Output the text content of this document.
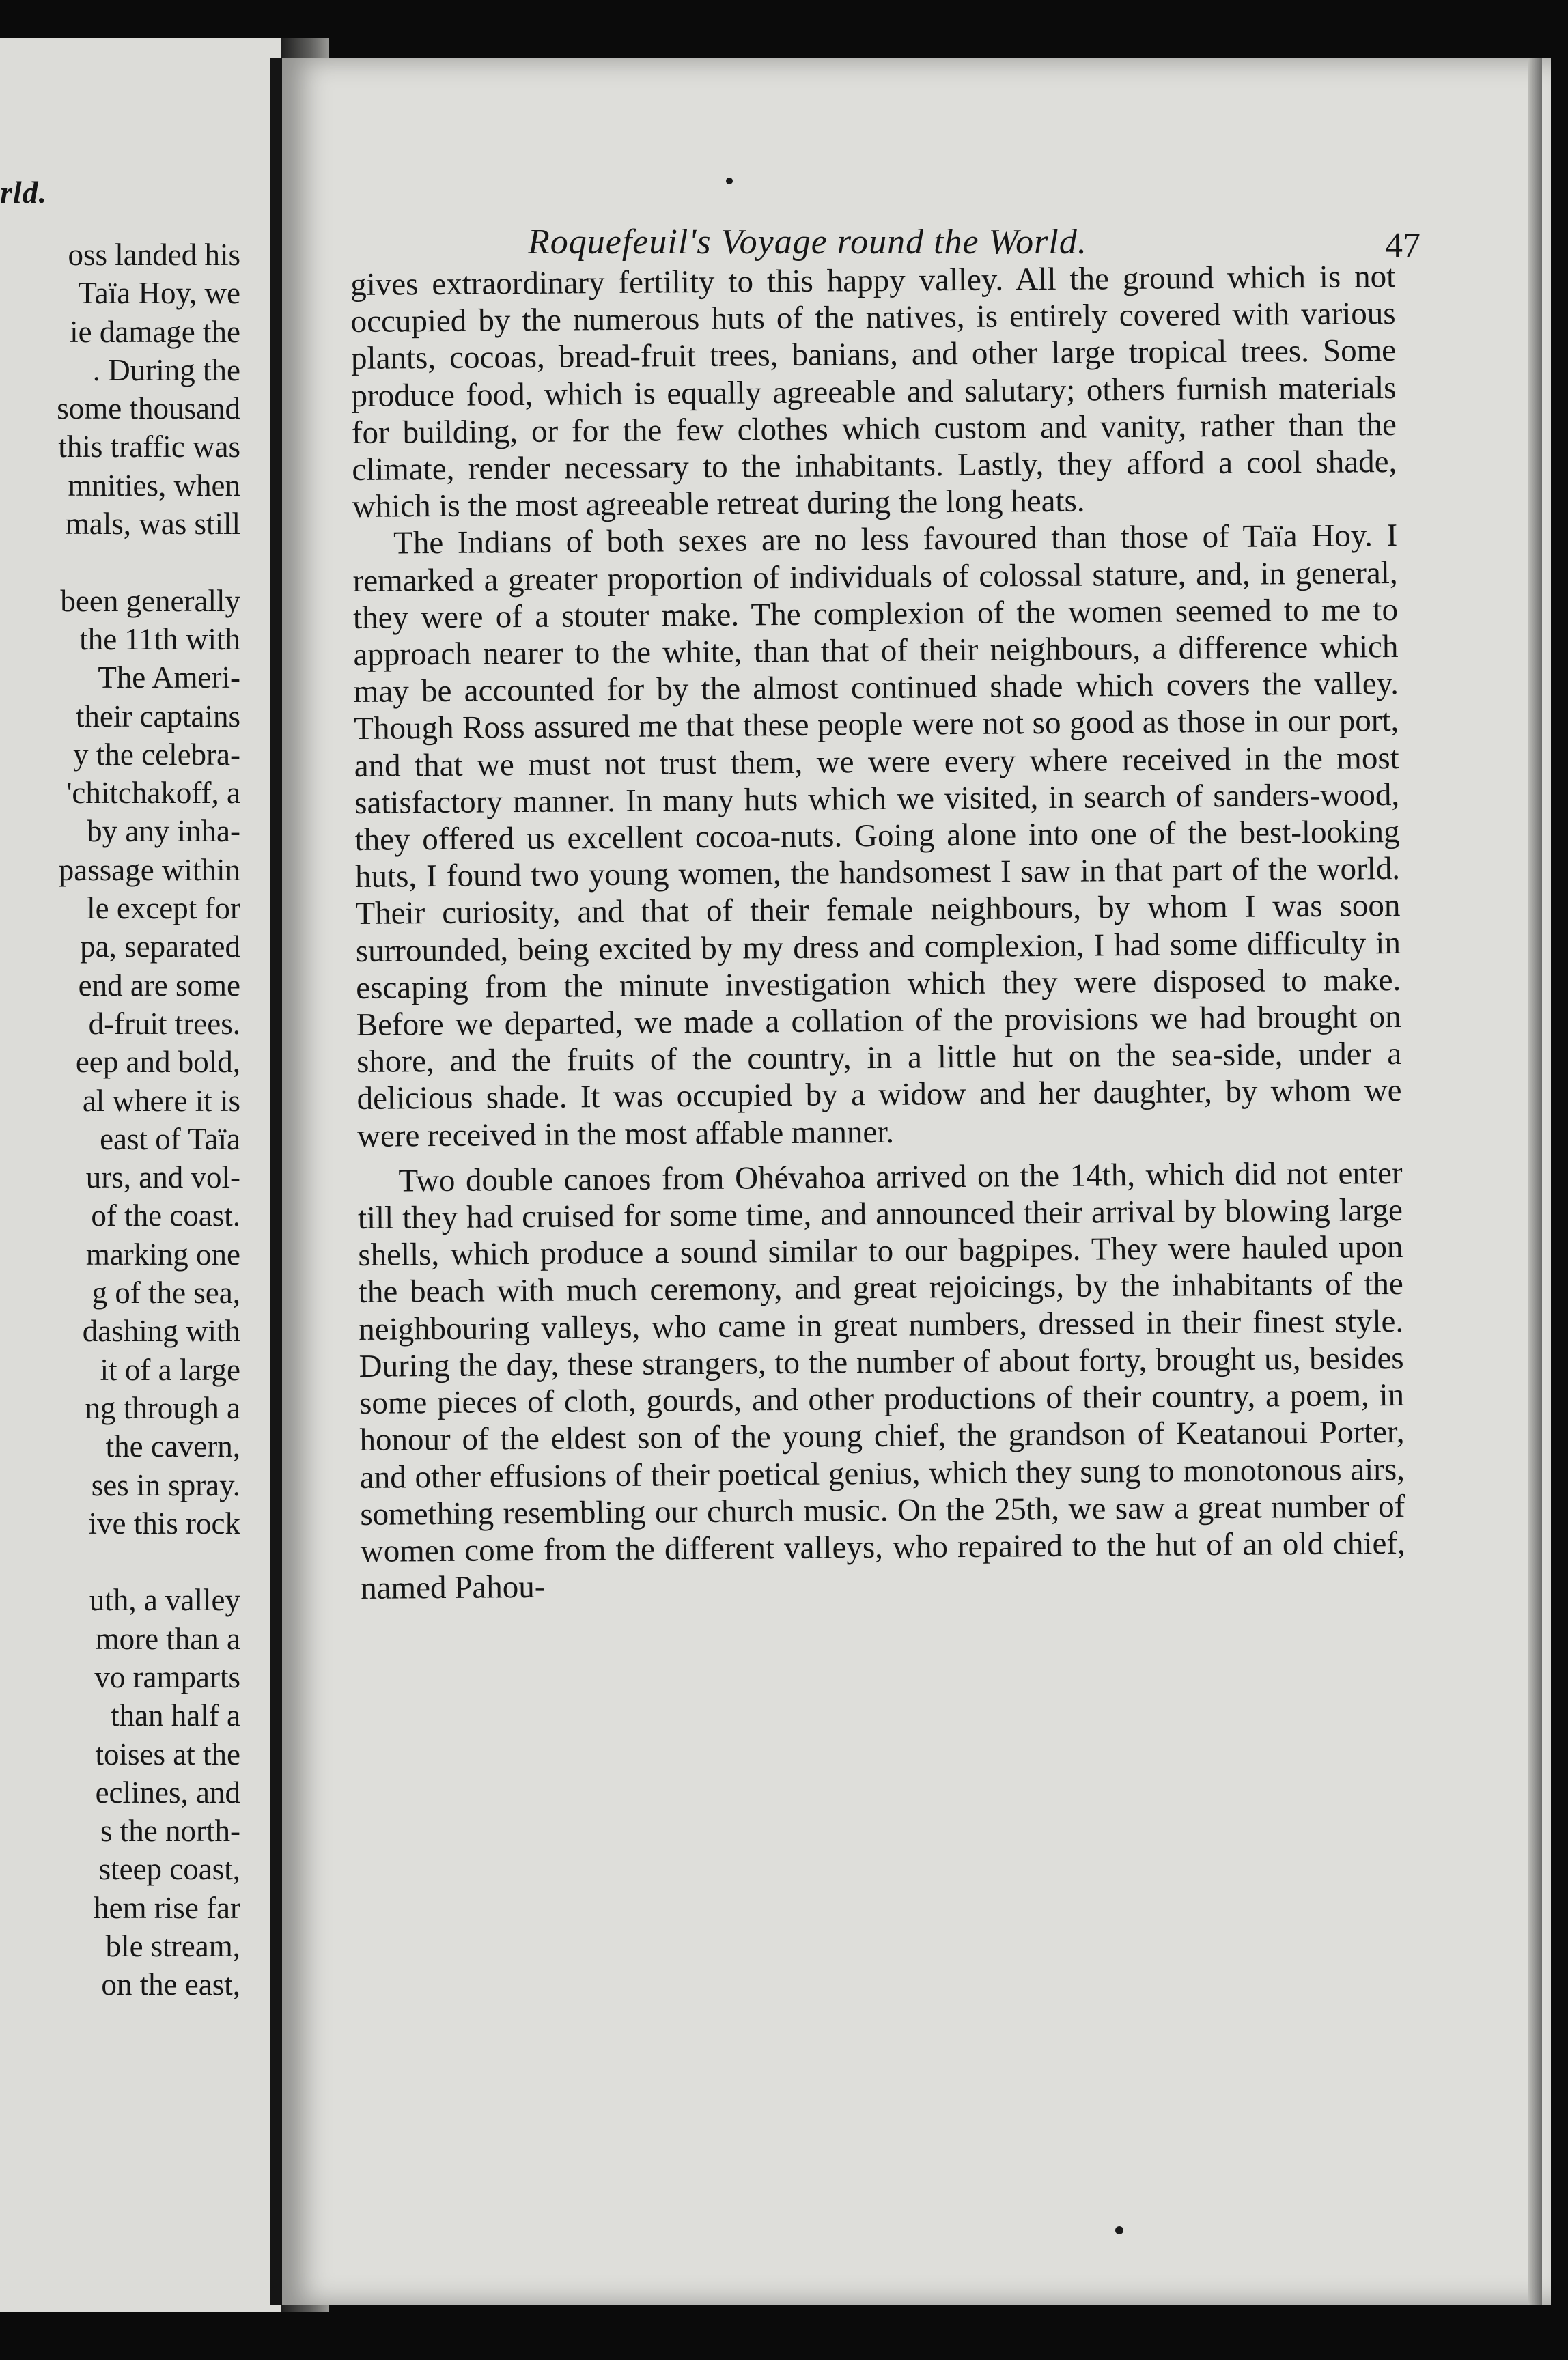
rld.
oss landed his
Taïa Hoy, we
ie damage the
. During the
some thousand
this traffic was
mnities, when
mals, was still

been generally
the 11th with
The Ameri-
their captains
y the celebra-
'chitchakoff, a
by any inha-
passage within
le except for
pa, separated
end are some
d-fruit trees.
eep and bold,
al where it is
east of Taïa
urs, and vol-
of the coast.
marking one
g of the sea,
dashing with
it of a large
ng through a
the cavern,
ses in spray.
ive this rock

uth, a valley
more than a
vo ramparts
than half a
toises at the
eclines, and
s the north-
steep coast,
hem rise far
ble stream,
on the east,
Roquefeuil's Voyage round the World.	47

gives extraordinary fertility to this happy valley. All the ground which is not occupied by the numerous huts of the natives, is entirely covered with various plants, cocoas, bread-fruit trees, banians, and other large tropical trees. Some produce food, which is equally agreeable and salutary; others furnish materials for building, or for the few clothes which custom and vanity, rather than the climate, render necessary to the inhabitants. Lastly, they afford a cool shade, which is the most agreeable retreat during the long heats.

The Indians of both sexes are no less favoured than those of Taïa Hoy. I remarked a greater proportion of individuals of colossal stature, and, in general, they were of a stouter make. The complexion of the women seemed to me to approach nearer to the white, than that of their neighbours, a difference which may be accounted for by the almost continued shade which covers the valley. Though Ross assured me that these people were not so good as those in our port, and that we must not trust them, we were every where received in the most satisfactory manner. In many huts which we visited, in search of sanders-wood, they offered us excellent cocoa-nuts. Going alone into one of the best-looking huts, I found two young women, the handsomest I saw in that part of the world. Their curiosity, and that of their female neighbours, by whom I was soon surrounded, being excited by my dress and complexion, I had some difficulty in escaping from the minute investigation which they were disposed to make. Before we departed, we made a collation of the provisions we had brought on shore, and the fruits of the country, in a little hut on the sea-side, under a delicious shade. It was occupied by a widow and her daughter, by whom we were received in the most affable manner.

Two double canoes from Ohévahoa arrived on the 14th, which did not enter till they had cruised for some time, and announced their arrival by blowing large shells, which produce a sound similar to our bagpipes. They were hauled upon the beach with much ceremony, and great rejoicings, by the inhabitants of the neighbouring valleys, who came in great numbers, dressed in their finest style. During the day, these strangers, to the number of about forty, brought us, besides some pieces of cloth, gourds, and other productions of their country, a poem, in honour of the eldest son of the young chief, the grandson of Keatanoui Porter, and other effusions of their poetical genius, which they sung to monotonous airs, something resembling our church music. On the 25th, we saw a great number of women come from the different valleys, who repaired to the hut of an old chief, named Pahou-
